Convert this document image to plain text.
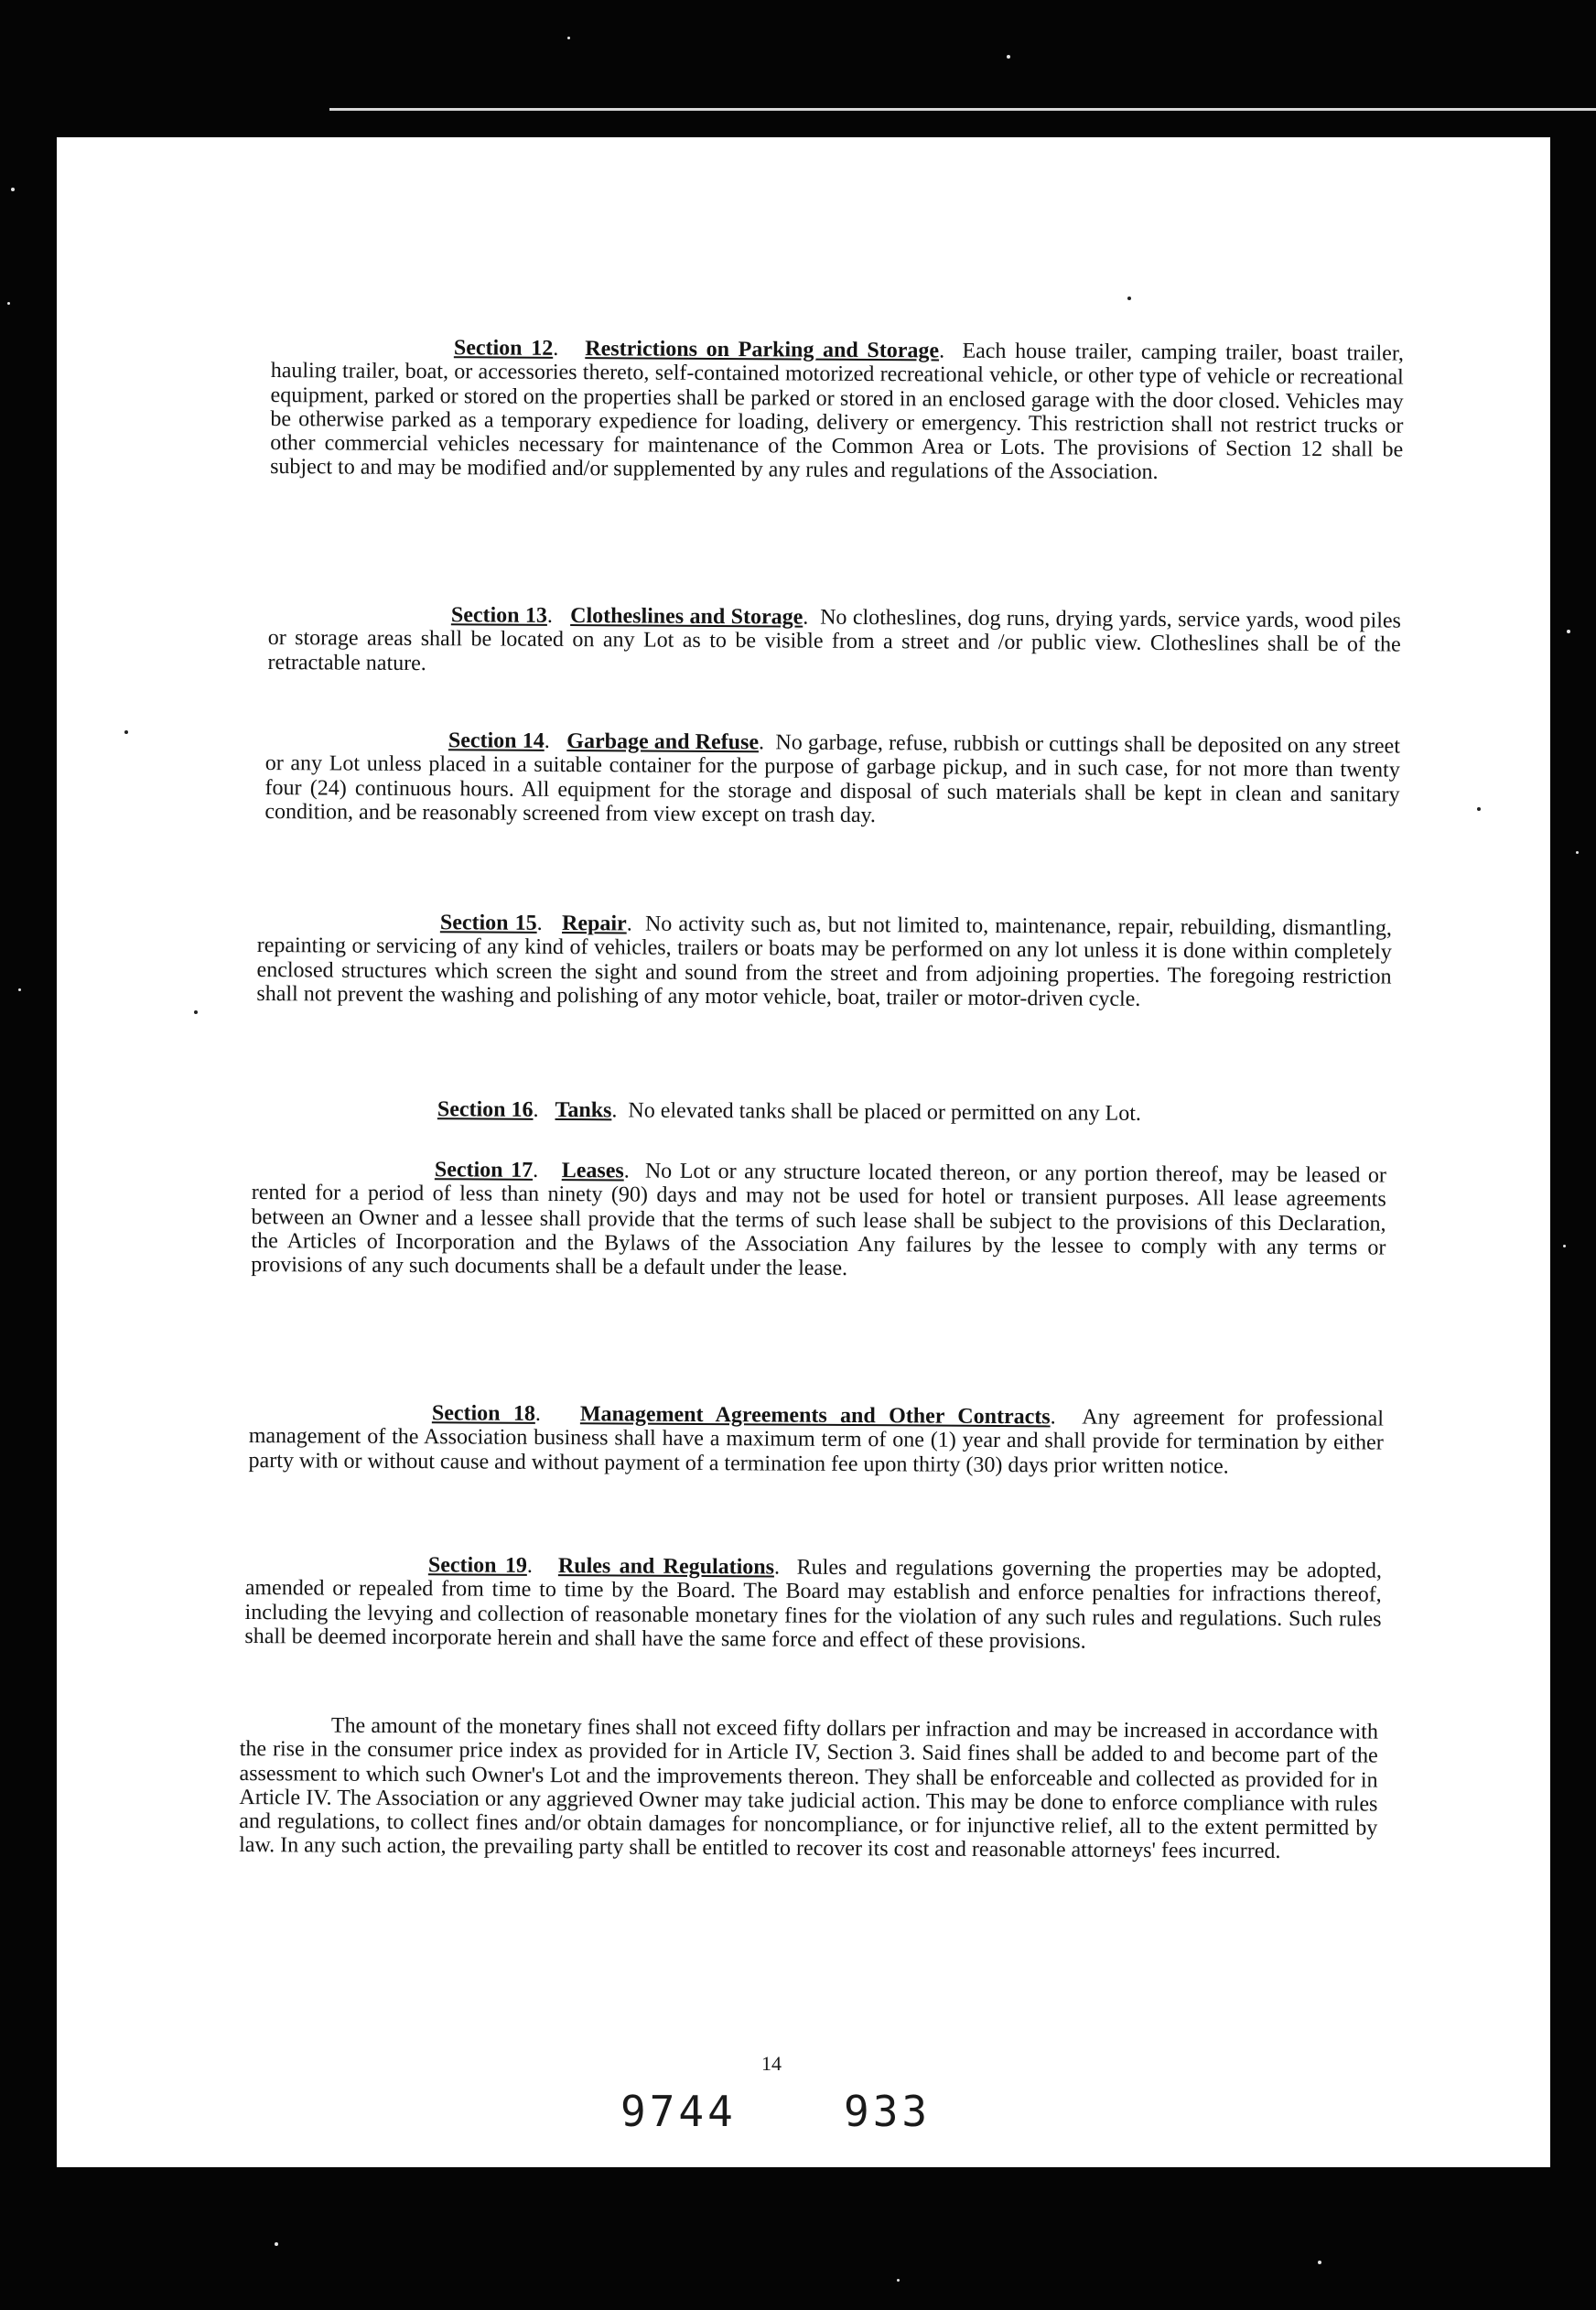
Section 12.   Restrictions on Parking and Storage.  Each house trailer, camping trailer, boast trailer, hauling trailer, boat, or accessories thereto, self-contained motorized recreational vehicle, or other type of vehicle or recreational equipment, parked or stored on the properties shall be parked or stored in an enclosed garage with the door closed. Vehicles may be otherwise parked as a temporary expedience for loading, delivery or emergency. This restriction shall not restrict trucks or other commercial vehicles necessary for maintenance of the Common Area or Lots. The provisions of Section 12 shall be subject to and may be modified and/or supplemented by any rules and regulations of the Association.

Section 13.   Clotheslines and Storage.  No clotheslines, dog runs, drying yards, service yards, wood piles or storage areas shall be located on any Lot as to be visible from a street and /or public view. Clotheslines shall be of the retractable nature.

Section 14.   Garbage and Refuse.  No garbage, refuse, rubbish or cuttings shall be deposited on any street or any Lot unless placed in a suitable container for the purpose of garbage pickup, and in such case, for not more than twenty four (24) continuous hours. All equipment for the storage and disposal of such materials shall be kept in clean and sanitary condition, and be reasonably screened from view except on trash day.

Section 15.   Repair.  No activity such as, but not limited to, maintenance, repair, rebuilding, dismantling, repainting or servicing of any kind of vehicles, trailers or boats may be performed on any lot unless it is done within completely enclosed structures which screen the sight and sound from the street and from adjoining properties. The foregoing restriction shall not prevent the washing and polishing of any motor vehicle, boat, trailer or motor-driven cycle.

Section 16.   Tanks.  No elevated tanks shall be placed or permitted on any Lot.

Section 17.   Leases.  No Lot or any structure located thereon, or any portion thereof, may be leased or rented for a period of less than ninety (90) days and may not be used for hotel or transient purposes. All lease agreements between an Owner and a lessee shall provide that the terms of such lease shall be subject to the provisions of this Declaration, the Articles of Incorporation and the Bylaws of the Association Any failures by the lessee to comply with any terms or provisions of any such documents shall be a default under the lease.

Section 18.   Management Agreements and Other Contracts.  Any agreement for professional management of the Association business shall have a maximum term of one (1) year and shall provide for termination by either party with or without cause and without payment of a termination fee upon thirty (30) days prior written notice.

Section 19.   Rules and Regulations.  Rules and regulations governing the properties may be adopted, amended or repealed from time to time by the Board. The Board may establish and enforce penalties for infractions thereof, including the levying and collection of reasonable monetary fines for the violation of any such rules and regulations. Such rules shall be deemed incorporate herein and shall have the same force and effect of these provisions.

The amount of the monetary fines shall not exceed fifty dollars per infraction and may be increased in accordance with the rise in the consumer price index as provided for in Article IV, Section 3. Said fines shall be added to and become part of the assessment to which such Owner's Lot and the improvements thereon. They shall be enforceable and collected as provided for in Article IV. The Association or any aggrieved Owner may take judicial action. This may be done to enforce compliance with rules and regulations, to collect fines and/or obtain damages for noncompliance, or for injunctive relief, all to the extent permitted by law. In any such action, the prevailing party shall be entitled to recover its cost and reasonable attorneys' fees incurred.

14
9744	933
